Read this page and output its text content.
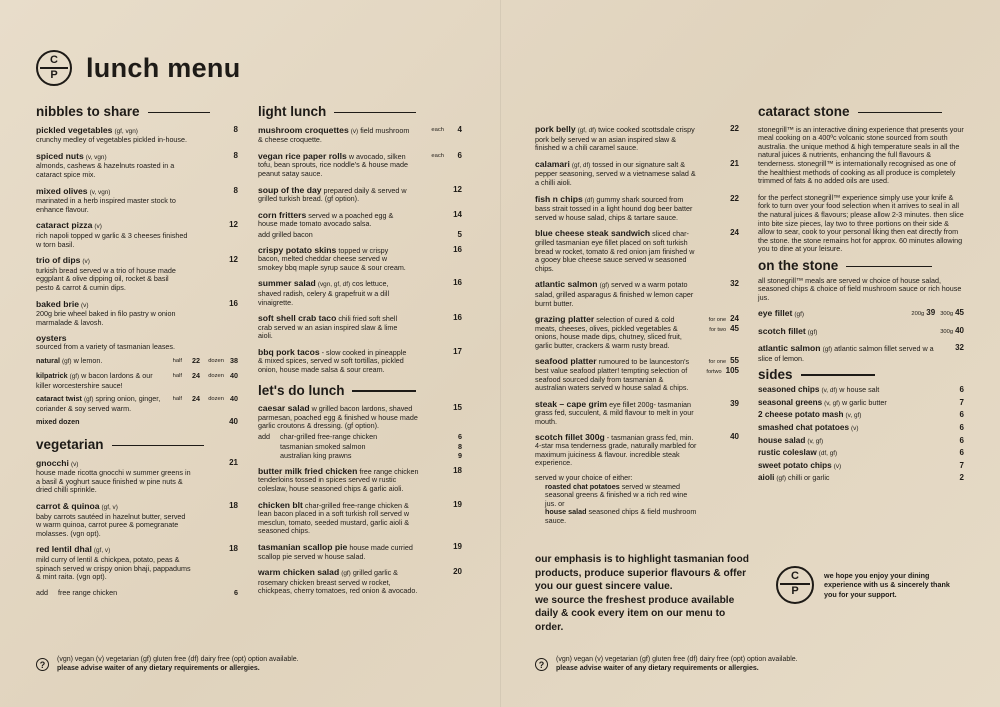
C
P	lunch menu
nibbles to share
pickled vegetables (gf, vgn)
crunchy medley of vegetables pickled in-house.
8
spiced nuts (v, vgn)
almonds, cashews & hazelnuts roasted in a cataract spice mix.
8
mixed olives (v, vgn)
marinated in a herb inspired master stock to enhance flavour.
8
cataract pizza (v)
rich napoli topped w garlic & 3 cheeses finished w torn basil.
12
trio of dips (v)
turkish bread served w a trio of house made eggplant & olive dipping oil, rocket & basil pesto & carrot & cumin dips.
12
baked brie (v)
200g brie wheel baked in filo pastry w onion marmalade & lavosh.
16
oysters
sourced from a variety of tasmanian leases.
natural (gf) w lemon.	half	22	dozen 38
kilpatrick (gf) w bacon lardons & our killer worcestershire sauce!
half	24	dozen 40
cataract twist (gf) spring onion, ginger, coriander & soy served warm.
half	24	dozen 40
mixed dozen	40
vegetarian
gnocchi (v)
house made ricotta gnocchi w summer greens in a basil & yoghurt sauce finished w pine nuts & dried chilli sprinkle.
21
carrot & quinoa (gf, v)
baby carrots sautéed in hazelnut butter, served w warm quinoa, carrot puree & pomegranate molasses. (vgn opt).
18
red lentil dhal (gf, v)
mild curry of lentil & chickpea, potato, peas & spinach served w crispy onion bhaji, pappadums & mint raita. (vgn opt).
18
add	free range chicken	6
light lunch
mushroom croquettes (v) field mushroom & cheese croquette.
each 4
vegan rice paper rolls w avocado, silken tofu, bean sprouts, rice noddle's & house made peanut satay sauce.
each 6
soup of the day prepared daily & served w grilled turkish bread. (gf option).
12
corn fritters served w a poached egg & house made tomato avocado salsa.
14
add grilled bacon	5
crispy potato skins topped w crispy bacon, melted cheddar cheese served w smokey bbq maple syrup sauce & sour cream.
16
summer salad (vgn, gf, df) cos lettuce, shaved radish, celery & grapefruit w a dill vinaigrette.
16
soft shell crab taco chili fried soft shell crab served w an asian inspired slaw & lime aioli.
16
bbq pork tacos - slow cooked in pineapple & mixed spices, served w soft tortillas, pickled onion, house made salsa & sour cream.
17
let's do lunch
caesar salad w grilled bacon lardons, shaved parmesan, poached egg & finished w house made garlic croutons & dressing. (gf option).
15
add	char-grilled free-range chicken	6
tasmanian smoked salmon	8
australian king prawns	9
butter milk fried chicken free range chicken tenderloins tossed in spices served w rustic coleslaw, house seasoned chips & garlic aioli.
18
chicken blt char-grilled free-range chicken & lean bacon placed in a soft turkish roll served w mesclun, tomato, seeded mustard, garlic aioli & seasoned chips.
19
tasmanian scallop pie house made curried scallop pie served w house salad.
19
warm chicken salad (gf) grilled garlic & rosemary chicken breast served w rocket, chickpeas, cherry tomatoes, red onion & avocado.
20
pork belly (gf, df) twice cooked scottsdale crispy pork belly served w an asian inspired slaw & finished w a chili caramel sauce.
22
calamari (gf, df) tossed in our signature salt & pepper seasoning, served w a vietnamese salad & a chilli aioli.
21
fish n chips (df) gummy shark sourced from bass strait tossed in a light hound dog beer batter served w house salad, chips & tartare sauce.
22
blue cheese steak sandwich sliced char-grilled tasmanian eye fillet placed on soft turkish bread w rocket, tomato & red onion jam finished w a gooey blue cheese sauce served w seasoned chips.
24
atlantic salmon (gf) served w a warm potato salad, grilled asparagus & finished w lemon caper burnt butter.
32
grazing platter selection of cured & cold meats, cheeses, olives, pickled vegetables & onions, house made dips, chutney, sliced fruit, garlic butter, crackers & warm rusty bread.
for one 24
for two 45
seafood platter rumoured to be launceston's best value seafood platter! tempting selection of seafood sourced daily from tasmanian & australian waters served w house salad & chips.
for one 55
fortwo 105
steak – cape grim eye fillet 200g- tasmanian grass fed, succulent, & mild flavour to melt in your mouth.
39
scotch fillet 300g - tasmanian grass fed, min. 4-star msa tenderness grade, naturally marbled for maximum juiciness & flavour. incredible steak experience.
40
served w your choice of either:
roasted chat potatoes served w steamed seasonal greens & finished w a rich red wine jus. or
house salad seasoned chips & field mushroom sauce.
cataract stone
stonegrill™ is an interactive dining experience that presents your meal cooking on a 400ºc volcanic stone sourced from south australia. the unique method & high temperature seals in all the natural juices & nutrients, enhancing the full flavours & tenderness. stonegrill™ is internationally recognised as one of the healthiest methods of cooking as all produce is completely trimmed of fats & no added oils are used.
for the perfect stonegrill™ experience simply use your knife & fork to turn over your food selection when it arrives to seal in all the natural juices & flavours; please allow 2-3 minutes. then slice into bite size pieces, lay two to three portions on their side & allow to sear, cook to your personal liking then eat directly from the stone. the stone remains hot for approx. 60 minutes allowing you to dine at your leisure.
on the stone
all stonegrill™ meals are served w choice of house salad, seasoned chips & choice of field mushroom sauce or rich house jus.
eye fillet (gf)	200g 39 300g 45
scotch fillet (gf)	300g 40
atlantic salmon (gf) atlantic salmon fillet served w a slice of lemon.
32
sides
seasoned chips (v, df) w house salt	6
seasonal greens (v, gf) w garlic butter	7
2 cheese potato mash (v, gf)	6
smashed chat potatoes (v)	6
house salad (v, gf)	6
rustic coleslaw (df, gf)	6
sweet potato chips (v)	7
aioli (gf) chilli or garlic	2
our emphasis is to highlight tasmanian food products, produce superior flavours & offer you our guest sincere value.
we source the freshest produce available daily & cook every item on our menu to order.
C
P
we hope you enjoy your dining experience with us & sincerely thank you for your support.
?
(vgn) vegan (v) vegetarian (gf) gluten free (df) dairy free (opt) option available.
please advise waiter of any dietary requirements or allergies.	?
(vgn) vegan (v) vegetarian (gf) gluten free (df) dairy free (opt) option available.
please advise waiter of any dietary requirements or allergies.
